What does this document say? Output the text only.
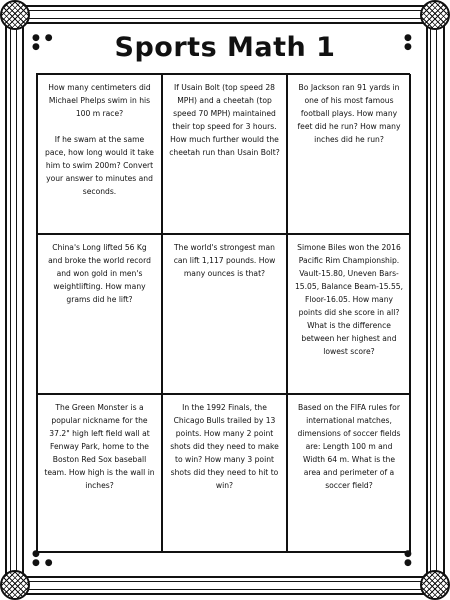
● ●
●
●
●
●
● ●
●
●
Sports Math 1

How many centimeters did Michael Phelps swim in his 100 m race?

If he swam at the same pace, how long would it take him to swim 200m? Convert your answer to minutes and seconds.

If Usain Bolt (top speed 28 MPH) and a cheetah (top speed 70 MPH) maintained their top speed for 3 hours. How much further would the cheetah run than Usain Bolt?

Bo Jackson ran 91 yards in one of his most famous football plays. How many feet did he run? How many inches did he run?

China's Long lifted 56 Kg and broke the world record and won gold in men's weightlifting. How many grams did he lift?

The world's strongest man can lift 1,117 pounds. How many ounces is that?

Simone Biles won the 2016 Pacific Rim Championship. Vault-15.80, Uneven Bars-15.05, Balance Beam-15.55, Floor-16.05. How many points did she score in all? What is the difference between her highest and lowest score?

The Green Monster is a popular nickname for the 37.2" high left field wall at Fenway Park, home to the Boston Red Sox baseball team. How high is the wall in inches?

In the 1992 Finals, the Chicago Bulls trailed by 13 points. How many 2 point shots did they need to make to win? How many 3 point shots did they need to hit to win?

Based on the FIFA rules for international matches, dimensions of soccer fields are: Length 100 m and Width 64 m. What is the area and perimeter of a soccer field?
